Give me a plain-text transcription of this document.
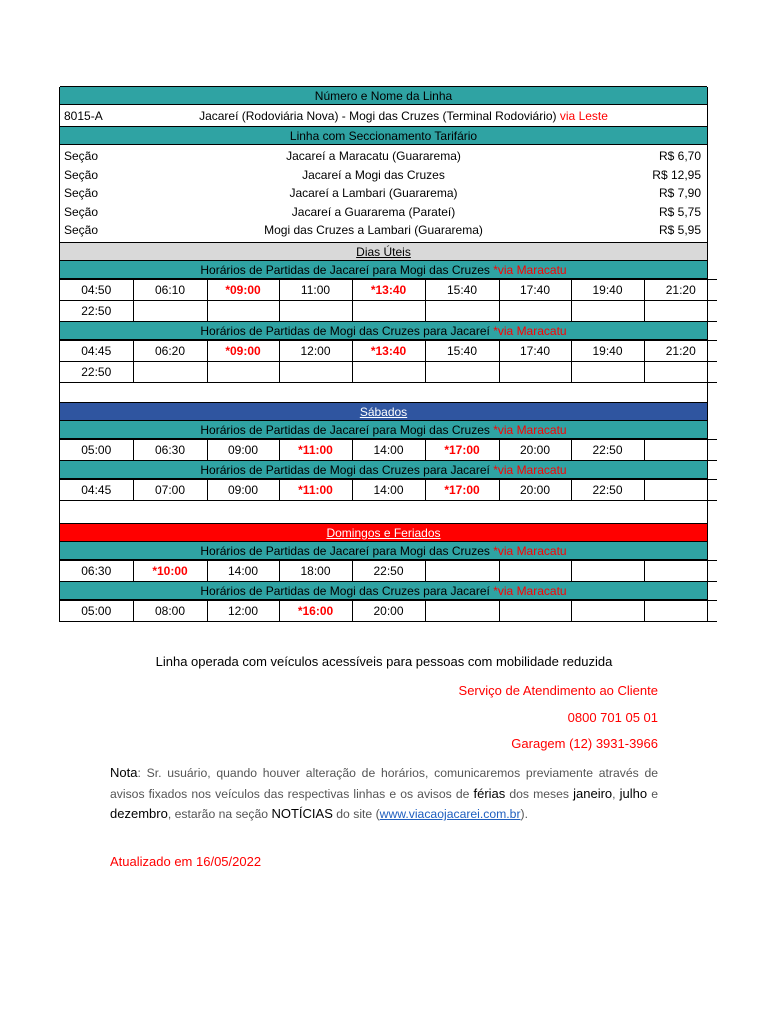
Número e Nome da Linha
8015-A	Jacareí (Rodoviária Nova) - Mogi das Cruzes (Terminal Rodoviário) via Leste
Linha com Seccionamento Tarifário
Seção	Jacareí a Maracatu (Guararema)	R$ 6,70
Seção	Jacareí a Mogi das Cruzes	R$ 12,95
Seção	Jacareí a Lambari (Guararema)	R$ 7,90
Seção	Jacareí a Guararema (Parateí)	R$ 5,75
Seção	Mogi das Cruzes a Lambari (Guararema)	R$ 5,95
Dias Úteis
Horários de Partidas de Jacareí para Mogi das Cruzes *via Maracatu
04:50	06:10	*09:00	11:00	*13:40	15:40	17:40	19:40	21:20
22:50								
Horários de Partidas de Mogi das Cruzes para Jacareí *via Maracatu
04:45	06:20	*09:00	12:00	*13:40	15:40	17:40	19:40	21:20
22:50								
Sábados
Horários de Partidas de Jacareí para Mogi das Cruzes *via Maracatu
05:00	06:30	09:00	*11:00	14:00	*17:00	20:00	22:50	
Horários de Partidas de Mogi das Cruzes para Jacareí *via Maracatu
04:45	07:00	09:00	*11:00	14:00	*17:00	20:00	22:50	
Domingos e Feriados
Horários de Partidas de Jacareí para Mogi das Cruzes *via Maracatu
06:30	*10:00	14:00	18:00	22:50				
Horários de Partidas de Mogi das Cruzes para Jacareí *via Maracatu
05:00	08:00	12:00	*16:00	20:00				
Linha operada com veículos acessíveis para pessoas com mobilidade reduzida
Serviço de Atendimento ao Cliente
0800 701 05 01
Garagem (12) 3931-3966
Nota: Sr. usuário, quando houver alteração de horários, comunicaremos previamente através de avisos fixados nos veículos das respectivas linhas e os avisos de férias dos meses janeiro, julho e dezembro, estarão na seção NOTÍCIAS do site (www.viacaojacarei.com.br).
Atualizado em 16/05/2022
